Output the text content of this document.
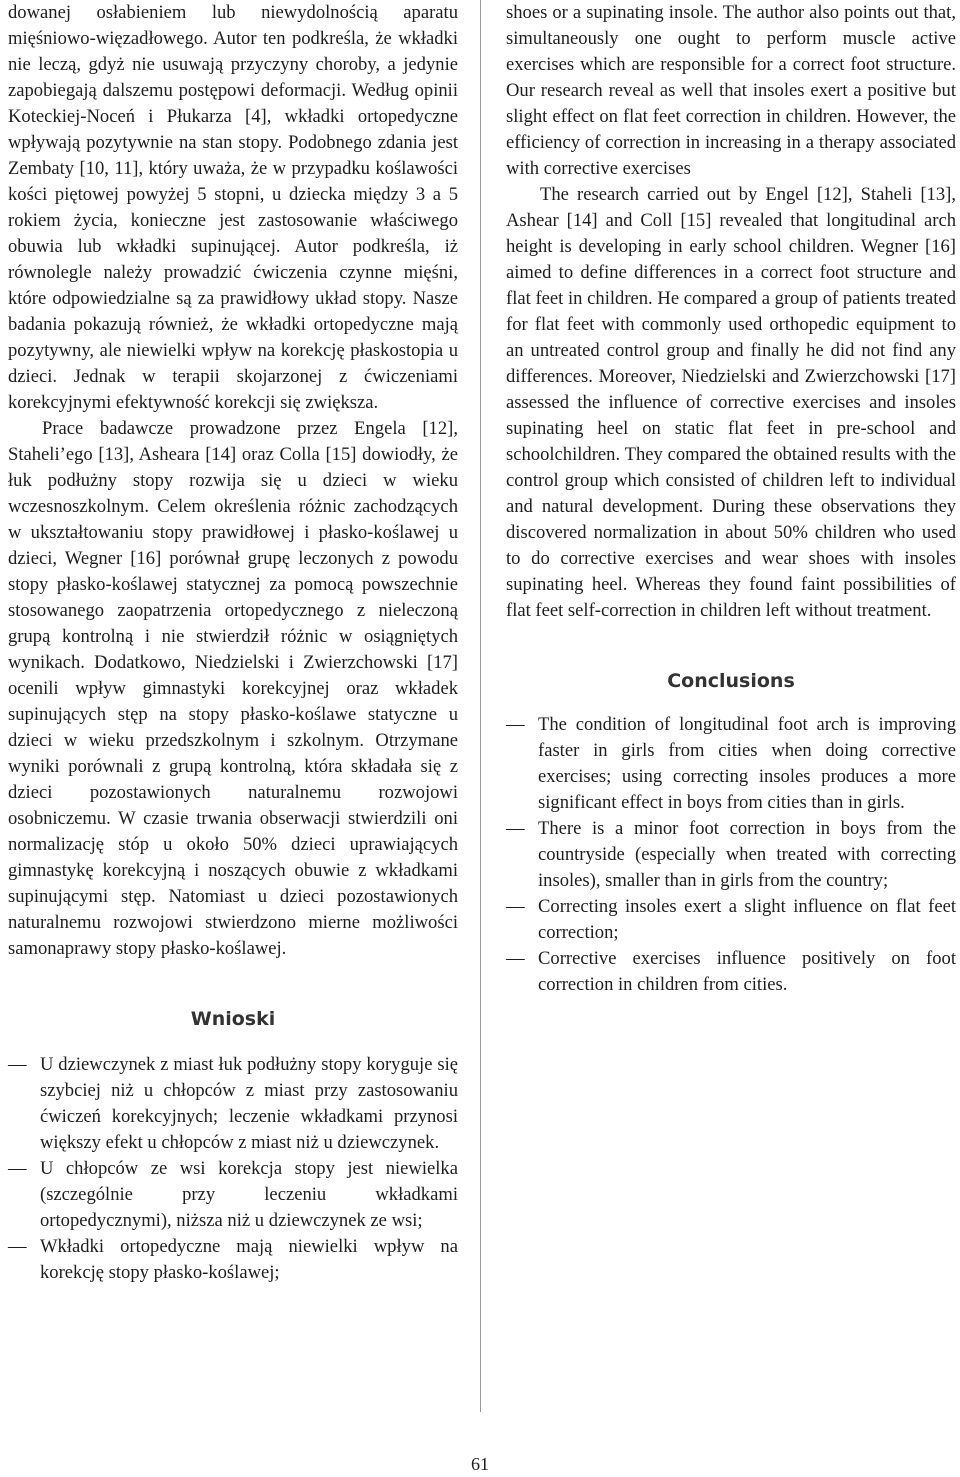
dowanej osłabieniem lub niewydolnością aparatu mięśniowo-więzadłowego. Autor ten podkreśla, że wkładki nie leczą, gdyż nie usuwają przyczyny choroby, a jedynie zapobiegają dalszemu postępowi deformacji. Według opinii Koteckiej-Noceń i Płukarza [4], wkładki ortopedyczne wpływają pozytywnie na stan stopy. Podobnego zdania jest Zembaty [10, 11], który uważa, że w przypadku koślawości kości piętowej powyżej 5 stopni, u dziecka między 3 a 5 rokiem życia, konieczne jest zastosowanie właściwego obuwia lub wkładki supinującej. Autor podkreśla, iż równolegle należy prowadzić ćwiczenia czynne mięśni, które odpowiedzialne są za prawidłowy układ stopy. Nasze badania pokazują również, że wkładki ortopedyczne mają pozytywny, ale niewielki wpływ na korekcję płaskostopia u dzieci. Jednak w terapii skojarzonej z ćwiczeniami korekcyjnymi efektywność korekcji się zwiększa.

Prace badawcze prowadzone przez Engela [12], Staheli’ego [13], Asheara [14] oraz Colla [15] dowiodły, że łuk podłużny stopy rozwija się u dzieci w wieku wczesnoszkolnym. Celem określenia różnic zachodzących w ukształtowaniu stopy prawidłowej i płasko-koślawej u dzieci, Wegner [16] porównał grupę leczonych z powodu stopy płasko-koślawej statycznej za pomocą powszechnie stosowanego zaopatrzenia ortopedycznego z nieleczoną grupą kontrolną i nie stwierdził różnic w osiągniętych wynikach. Dodatkowo, Niedzielski i Zwierzchowski [17] ocenili wpływ gimnastyki korekcyjnej oraz wkładek supinujących stęp na stopy płasko-koślawe statyczne u dzieci w wieku przedszkolnym i szkolnym. Otrzymane wyniki porównali z grupą kontrolną, która składała się z dzieci pozostawionych naturalnemu rozwojowi osobniczemu. W czasie trwania obserwacji stwierdzili oni normalizację stóp u około 50% dzieci uprawiających gimnastykę korekcyjną i noszących obuwie z wkładkami supinującymi stęp. Natomiast u dzieci pozostawionych naturalnemu rozwojowi stwierdzono mierne możliwości samonaprawy stopy płasko-koślawej.

Wnioski
— U dziewczynek z miast łuk podłużny stopy koryguje się szybciej niż u chłopców z miast przy zastosowaniu ćwiczeń korekcyjnych; leczenie wkładkami przynosi większy efekt u chłopców z miast niż u dziewczynek.
— U chłopców ze wsi korekcja stopy jest niewielka (szczególnie przy leczeniu wkładkami ortopedycznymi), niższa niż u dziewczynek ze wsi;
— Wkładki ortopedyczne mają niewielki wpływ na korekcję stopy płasko-koślawej;

shoes or a supinating insole. The author also points out that, simultaneously one ought to perform muscle active exercises which are responsible for a correct foot structure. Our research reveal as well that insoles exert a positive but slight effect on flat feet correction in children. However, the efficiency of correction in increasing in a therapy associated with corrective exercises

The research carried out by Engel [12], Staheli [13], Ashear [14] and Coll [15] revealed that longitudinal arch height is developing in early school children. Wegner [16] aimed to define differences in a correct foot structure and flat feet in children. He compared a group of patients treated for flat feet with commonly used orthopedic equipment to an untreated control group and finally he did not find any differences. Moreover, Niedzielski and Zwierzchowski [17] assessed the influence of corrective exercises and insoles supinating heel on static flat feet in pre-school and schoolchildren. They compared the obtained results with the control group which consisted of children left to individual and natural development. During these observations they discovered normalization in about 50% children who used to do corrective exercises and wear shoes with insoles supinating heel. Whereas they found faint possibilities of flat feet self-correction in children left without treatment.

Conclusions
— The condition of longitudinal foot arch is improving faster in girls from cities when doing corrective exercises; using correcting insoles produces a more significant effect in boys from cities than in girls.
— There is a minor foot correction in boys from the countryside (especially when treated with correcting insoles), smaller than in girls from the country;
— Correcting insoles exert a slight influence on flat feet correction;
— Corrective exercises influence positively on foot correction in children from cities.
61
